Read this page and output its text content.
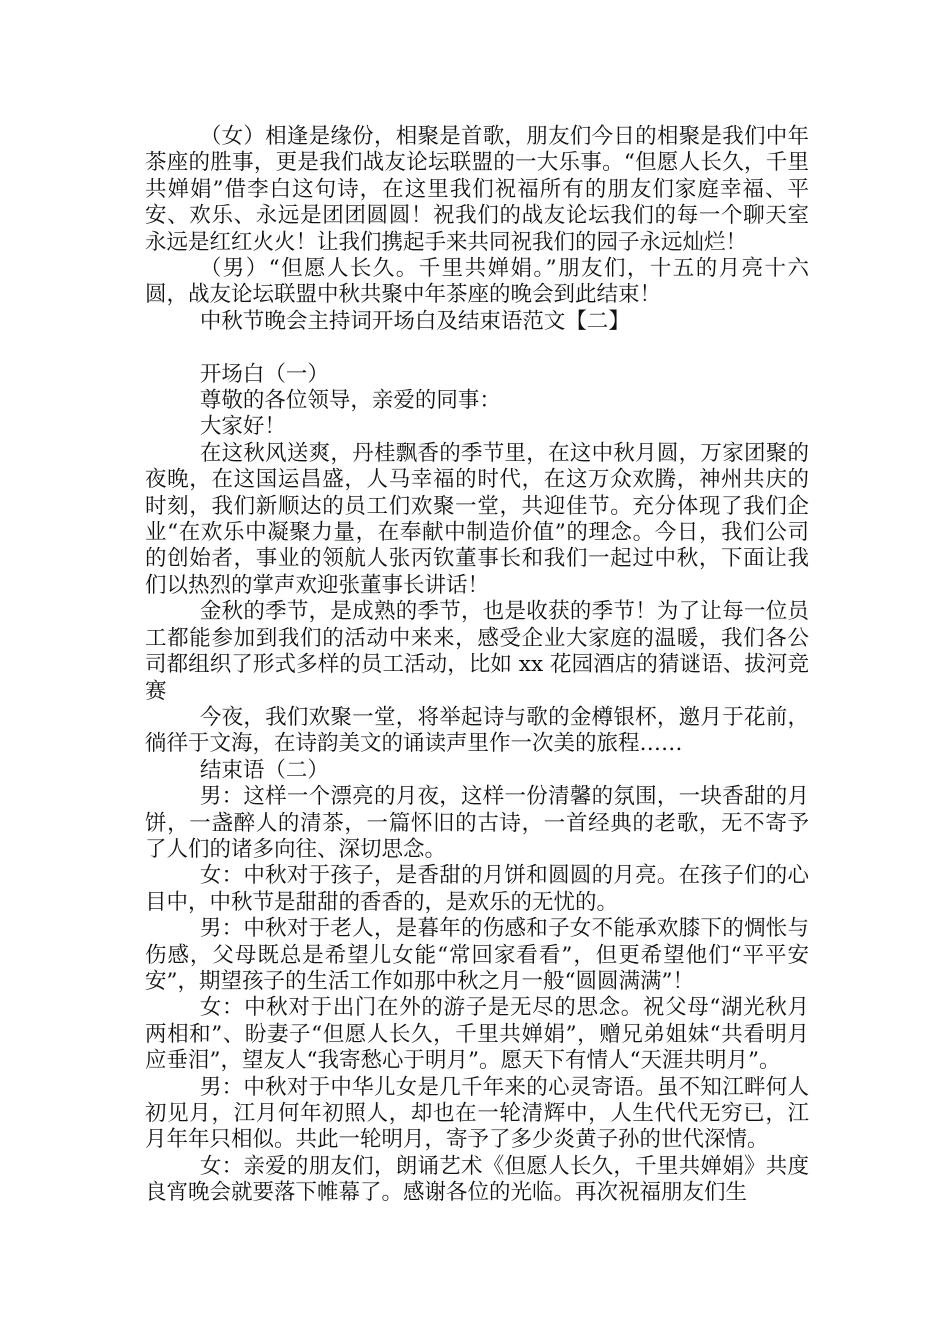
（女）相逢是缘份，相聚是首歌，朋友们今日的相聚是我们中年茶座的胜事，更是我们战友论坛联盟的一大乐事。“但愿人长久，千里共婵娟”借李白这句诗，在这里我们祝福所有的朋友们家庭幸福、平安、欢乐、永远是团团圆圆！祝我们的战友论坛我们的每一个聊天室永远是红红火火！让我们携起手来共同祝我们的园子永远灿烂！

（男）“但愿人长久。千里共婵娟。”朋友们，十五的月亮十六圆，战友论坛联盟中秋共聚中年茶座的晚会到此结束！

中秋节晚会主持词开场白及结束语范文【二】

开场白（一）

尊敬的各位领导，亲爱的同事：

大家好！

在这秋风送爽，丹桂飘香的季节里，在这中秋月圆，万家团聚的夜晚，在这国运昌盛，人马幸福的时代，在这万众欢腾，神州共庆的时刻，我们新顺达的员工们欢聚一堂，共迎佳节。充分体现了我们企业“在欢乐中凝聚力量，在奉献中制造价值”的理念。今日，我们公司的创始者，事业的领航人张丙钦董事长和我们一起过中秋，下面让我们以热烈的掌声欢迎张董事长讲话！

金秋的季节，是成熟的季节，也是收获的季节！为了让每一位员工都能参加到我们的活动中来来，感受企业大家庭的温暖，我们各公司都组织了形式多样的员工活动，比如 xx 花园酒店的猜谜语、拔河竞赛

今夜，我们欢聚一堂，将举起诗与歌的金樽银杯，邀月于花前，徜徉于文海，在诗韵美文的诵读声里作一次美的旅程……

结束语（二）

男：这样一个漂亮的月夜，这样一份清馨的氛围，一块香甜的月饼，一盏醉人的清茶，一篇怀旧的古诗，一首经典的老歌，无不寄予了人们的诸多向往、深切思念。

女：中秋对于孩子，是香甜的月饼和圆圆的月亮。在孩子们的心目中，中秋节是甜甜的香香的，是欢乐的无忧的。

男：中秋对于老人，是暮年的伤感和子女不能承欢膝下的惆怅与伤感，父母既总是希望儿女能“常回家看看”，但更希望他们“平平安安”，期望孩子的生活工作如那中秋之月一般“圆圆满满”！

女：中秋对于出门在外的游子是无尽的思念。祝父母“湖光秋月两相和”、盼妻子“但愿人长久，千里共婵娟”，赠兄弟姐妹“共看明月应垂泪”，望友人“我寄愁心于明月”。愿天下有情人“天涯共明月”。

男：中秋对于中华儿女是几千年来的心灵寄语。虽不知江畔何人初见月，江月何年初照人，却也在一轮清辉中，人生代代无穷已，江月年年只相似。共此一轮明月，寄予了多少炎黄子孙的世代深情。

女：亲爱的朋友们，朗诵艺术《但愿人长久，千里共婵娟》共度良宵晚会就要落下帷幕了。感谢各位的光临。再次祝福朋友们生
